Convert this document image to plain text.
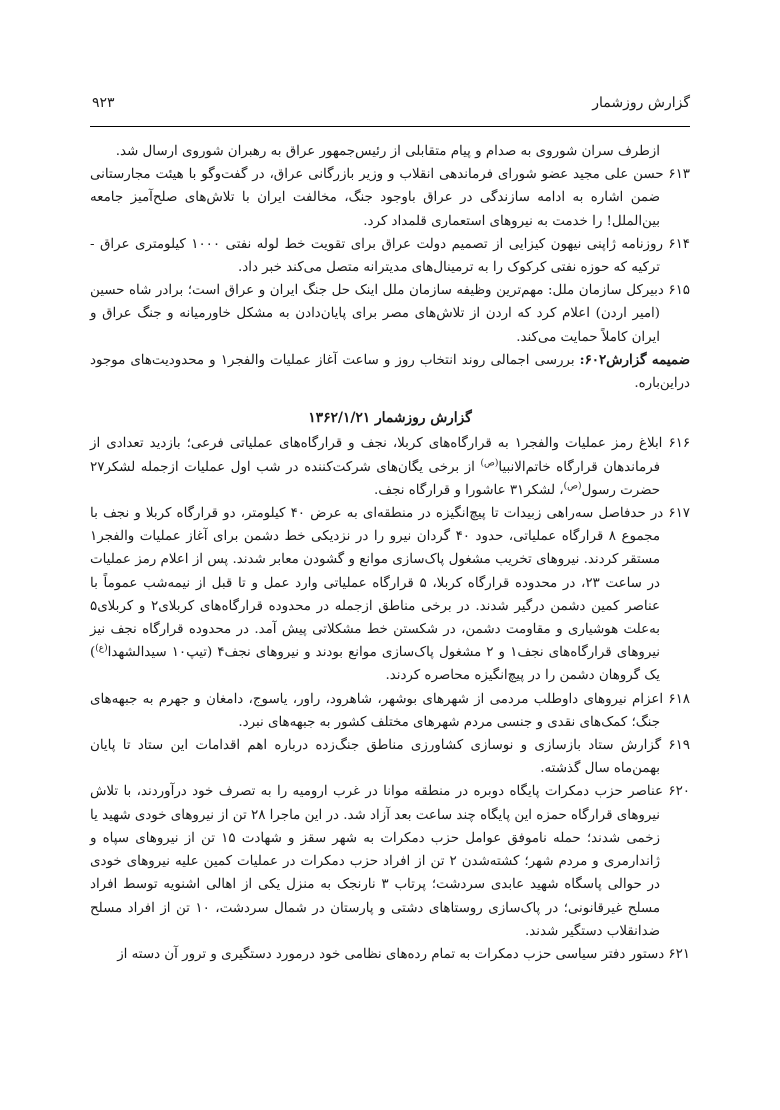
گزارش روزشمار
۹۲۳
ازطرف سران شوروی به صدام و پیام متقابلی از رئیس‌جمهور عراق به رهبران شوروی ارسال شد.
۶۱۳ حسن علی مجید عضو شورای فرماندهی انقلاب و وزیر بازرگانی عراق، در گفت‌وگو با هیئت مجارستانی ضمن اشاره به ادامه سازندگی در عراق باوجود جنگ، مخالفت ایران با تلاش‌های صلح‌آمیز جامعه بین‌الملل! را خدمت به نیروهای استعماری قلمداد کرد.
۶۱۴ روزنامه ژاپنی نیهون کیزایی از تصمیم دولت عراق برای تقویت خط لوله نفتی ۱۰۰۰ کیلومتری عراق - ترکیه که حوزه نفتی کرکوک را به ترمینال‌های مدیترانه متصل می‌کند خبر داد.
۶۱۵ دبیرکل سازمان ملل: مهم‌ترین وظیفه سازمان ملل اینک حل جنگ ایران و عراق است؛ برادر شاه حسین (امیر اردن) اعلام کرد که اردن از تلاش‌های مصر برای پایان‌دادن به مشکل خاورمیانه و جنگ عراق و ایران کاملاً حمایت می‌کند.
ضمیمه گزارش۶۰۲: بررسی اجمالی روند انتخاب روز و ساعت آغاز عملیات والفجر۱ و محدودیت‌های موجود دراین‌باره.
گزارش روزشمار ۱۳۶۲/۱/۲۱
۶۱۶ ابلاغ رمز عملیات والفجر۱ به قرارگاه‌های کربلا، نجف و قرارگاه‌های عملیاتی فرعی؛ بازدید تعدادی از فرماندهان قرارگاه خاتم‌الانبیا$^{(ص)}$ از برخی یگان‌های شرکت‌کننده در شب اول عملیات ازجمله لشکر۲۷ حضرت رسول$^{(ص)}$، لشکر۳۱ عاشورا و قرارگاه نجف.
۶۱۷ در حدفاصل سه‌راهی زبیدات تا پیچ‌انگیزه در منطقه‌ای به عرض ۴۰ کیلومتر، دو قرارگاه کربلا و نجف با مجموع ۸ قرارگاه عملیاتی، حدود ۴۰ گردان نیرو را در نزدیکی خط دشمن برای آغاز عملیات والفجر۱ مستقر کردند. نیروهای تخریب مشغول پاک‌سازی موانع و گشودن معابر شدند. پس از اعلام رمز عملیات در ساعت ۲۳، در محدوده قرارگاه کربلا، ۵ قرارگاه عملیاتی وارد عمل و تا قبل از نیمه‌شب عموماً با عناصر کمین دشمن درگیر شدند. در برخی مناطق ازجمله در محدوده قرارگاه‌های کربلای۲ و کربلای۵ به‌علت هوشیاری و مقاومت دشمن، در شکستن خط مشکلاتی پیش آمد. در محدوده قرارگاه نجف نیز نیروهای قرارگاه‌های نجف۱ و ۲ مشغول پاک‌سازی موانع بودند و نیروهای نجف۴ (تیپ۱۰ سیدالشهدا$^{(ع)}$) یک گروهان دشمن را در پیچ‌انگیزه محاصره کردند.
۶۱۸ اعزام نیروهای داوطلب مردمی از شهرهای بوشهر، شاهرود، راور، یاسوج، دامغان و جهرم به جبهه‌های جنگ؛ کمک‌های نقدی و جنسی مردم شهرهای مختلف کشور به جبهه‌های نبرد.
۶۱۹ گزارش ستاد بازسازی و نوسازی کشاورزی مناطق جنگ‌زده درباره اهم اقدامات این ستاد تا پایان بهمن‌ماه سال گذشته.
۶۲۰ عناصر حزب دمکرات پایگاه دوبره در منطقه موانا در غرب ارومیه را به تصرف خود درآوردند، با تلاش نیروهای قرارگاه حمزه این پایگاه چند ساعت بعد آزاد شد. در این ماجرا ۲۸ تن از نیروهای خودی شهید یا زخمی شدند؛ حمله ناموفق عوامل حزب دمکرات به شهر سقز و شهادت ۱۵ تن از نیروهای سپاه و ژاندارمری و مردم شهر؛ کشته‌شدن ۲ تن از افراد حزب دمکرات در عملیات کمین علیه نیروهای خودی در حوالی پاسگاه شهید عابدی سردشت؛ پرتاب ۳ نارنجک به منزل یکی از اهالی اشنویه توسط افراد مسلح غیرقانونی؛ در پاک‌سازی روستاهای دشتی و پارستان در شمال سردشت، ۱۰ تن از افراد مسلح ضدانقلاب دستگیر شدند.
۶۲۱ دستور دفتر سیاسی حزب دمکرات به تمام رده‌های نظامی خود درمورد دستگیری و ترور آن دسته از
